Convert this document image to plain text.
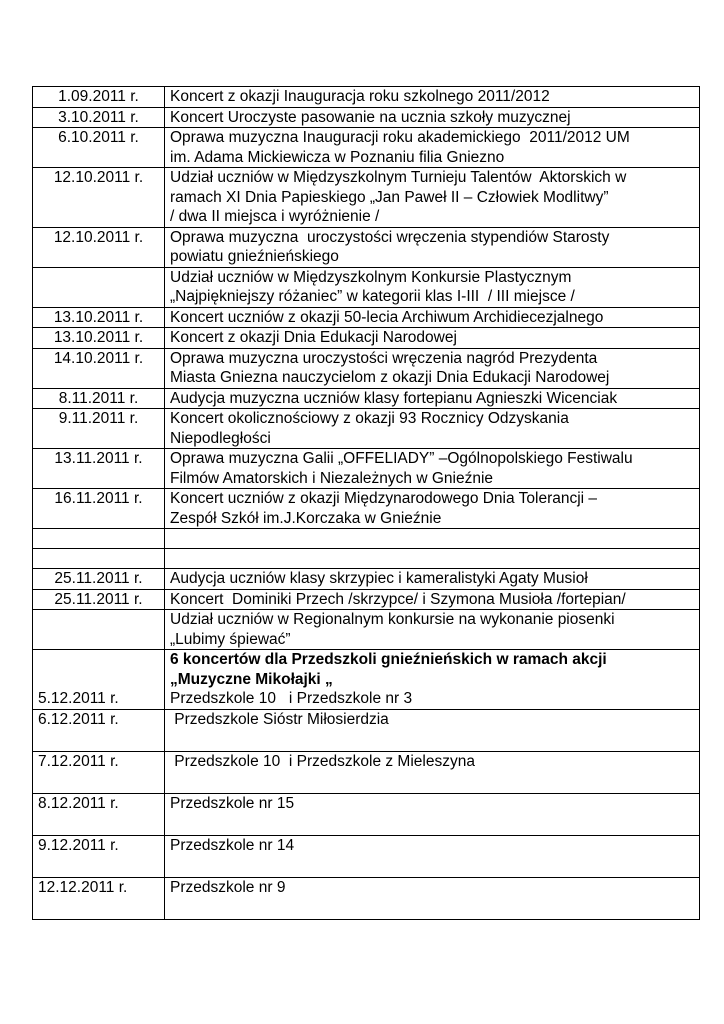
1.09.2011 r.	Koncert z okazji Inauguracja roku szkolnego 2011/2012

3.10.2011 r.	Koncert Uroczyste pasowanie na ucznia szkoły muzycznej

6.10.2011 r.	Oprawa muzyczna Inauguracji roku akademickiego  2011/2012 UM
im. Adama Mickiewicza w Poznaniu filia Gniezno

12.10.2011 r.	Udział uczniów w Międzyszkolnym Turnieju Talentów  Aktorskich w
ramach XI Dnia Papieskiego „Jan Paweł II – Człowiek Modlitwy”
/ dwa II miejsca i wyróżnienie /

12.10.2011 r.	Oprawa muzyczna  uroczystości wręczenia stypendiów Starosty
powiatu gnieźnieńskiego

	Udział uczniów w Międzyszkolnym Konkursie Plastycznym
„Najpiękniejszy różaniec” w kategorii klas I-III  / III miejsce /

13.10.2011 r.	Koncert uczniów z okazji 50-lecia Archiwum Archidiecezjalnego

13.10.2011 r.	Koncert z okazji Dnia Edukacji Narodowej

14.10.2011 r.	Oprawa muzyczna uroczystości wręczenia nagród Prezydenta
Miasta Gniezna nauczycielom z okazji Dnia Edukacji Narodowej

8.11.2011 r.	Audycja muzyczna uczniów klasy fortepianu Agnieszki Wicenciak

9.11.2011 r.	Koncert okolicznościowy z okazji 93 Rocznicy Odzyskania
Niepodległości

13.11.2011 r.	Oprawa muzyczna Galii „OFFELIADY” –Ogólnopolskiego Festiwalu
Filmów Amatorskich i Niezależnych w Gnieźnie

16.11.2011 r.	Koncert uczniów z okazji Międzynarodowego Dnia Tolerancji –
Zespół Szkół im.J.Korczaka w Gnieźnie

25.11.2011 r.	Audycja uczniów klasy skrzypiec i kameralistyki Agaty Musioł

25.11.2011 r.	Koncert  Dominiki Przech /skrzypce/ i Szymona Musioła /fortepian/

	Udział uczniów w Regionalnym konkursie na wykonanie piosenki
„Lubimy śpiewać”

5.12.2011 r.	6 koncertów dla Przedszkoli gnieźnieńskich w ramach akcji
„Muzyczne Mikołajki „
Przedszkole 10   i Przedszkole nr 3

6.12.2011 r.	Przedszkole Sióstr Miłosierdzia

7.12.2011 r.	Przedszkole 10  i Przedszkole z Mieleszyna

8.12.2011 r.	Przedszkole nr 15

9.12.2011 r.	Przedszkole nr 14

12.12.2011 r.	Przedszkole nr 9
